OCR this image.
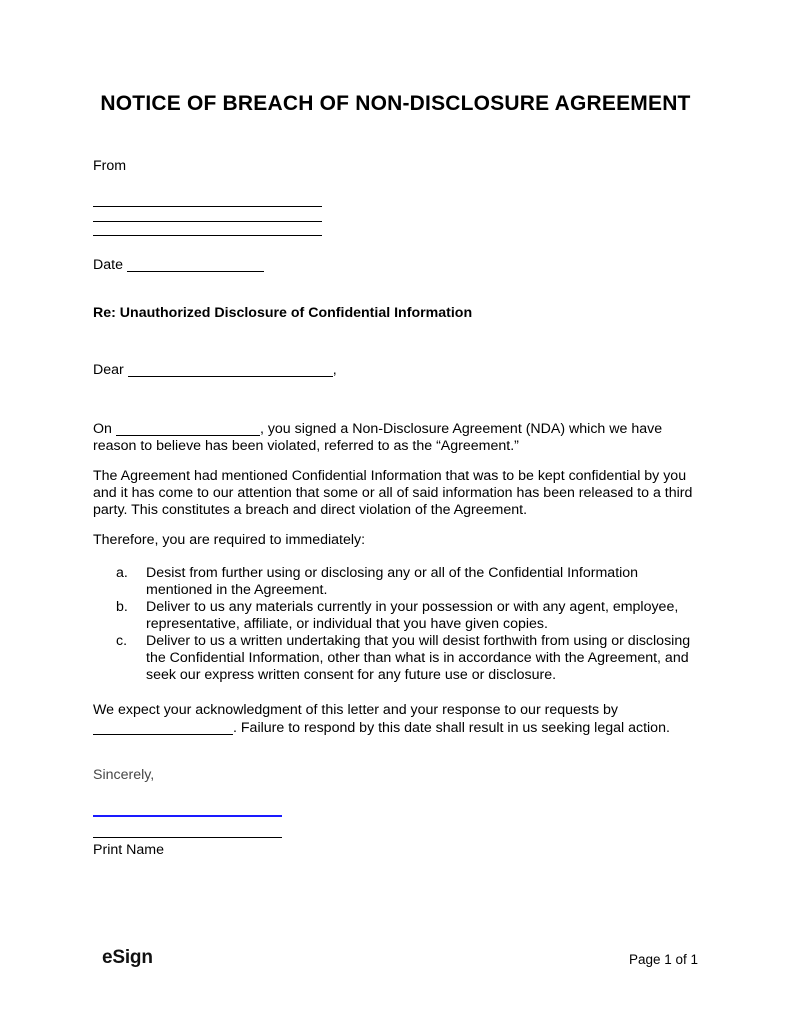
NOTICE OF BREACH OF NON-DISCLOSURE AGREEMENT
From
Date
Re: Unauthorized Disclosure of Confidential Information
Dear	,
On	, you signed a Non-Disclosure Agreement (NDA) which we have reason to believe has been violated, referred to as the “Agreement.”
The Agreement had mentioned Confidential Information that was to be kept confidential by you and it has come to our attention that some or all of said information has been released to a third party. This constitutes a breach and direct violation of the Agreement.
Therefore, you are required to immediately:
a.	Desist from further using or disclosing any or all of the Confidential Information mentioned in the Agreement.
b.	Deliver to us any materials currently in your possession or with any agent, employee, representative, affiliate, or individual that you have given copies.
c.	Deliver to us a written undertaking that you will desist forthwith from using or disclosing the Confidential Information, other than what is in accordance with the Agreement, and seek our express written consent for any future use or disclosure.
We expect your acknowledgment of this letter and your response to our requests by . Failure to respond by this date shall result in us seeking legal action.
Sincerely,
Print Name
eSign	Page 1 of 1
